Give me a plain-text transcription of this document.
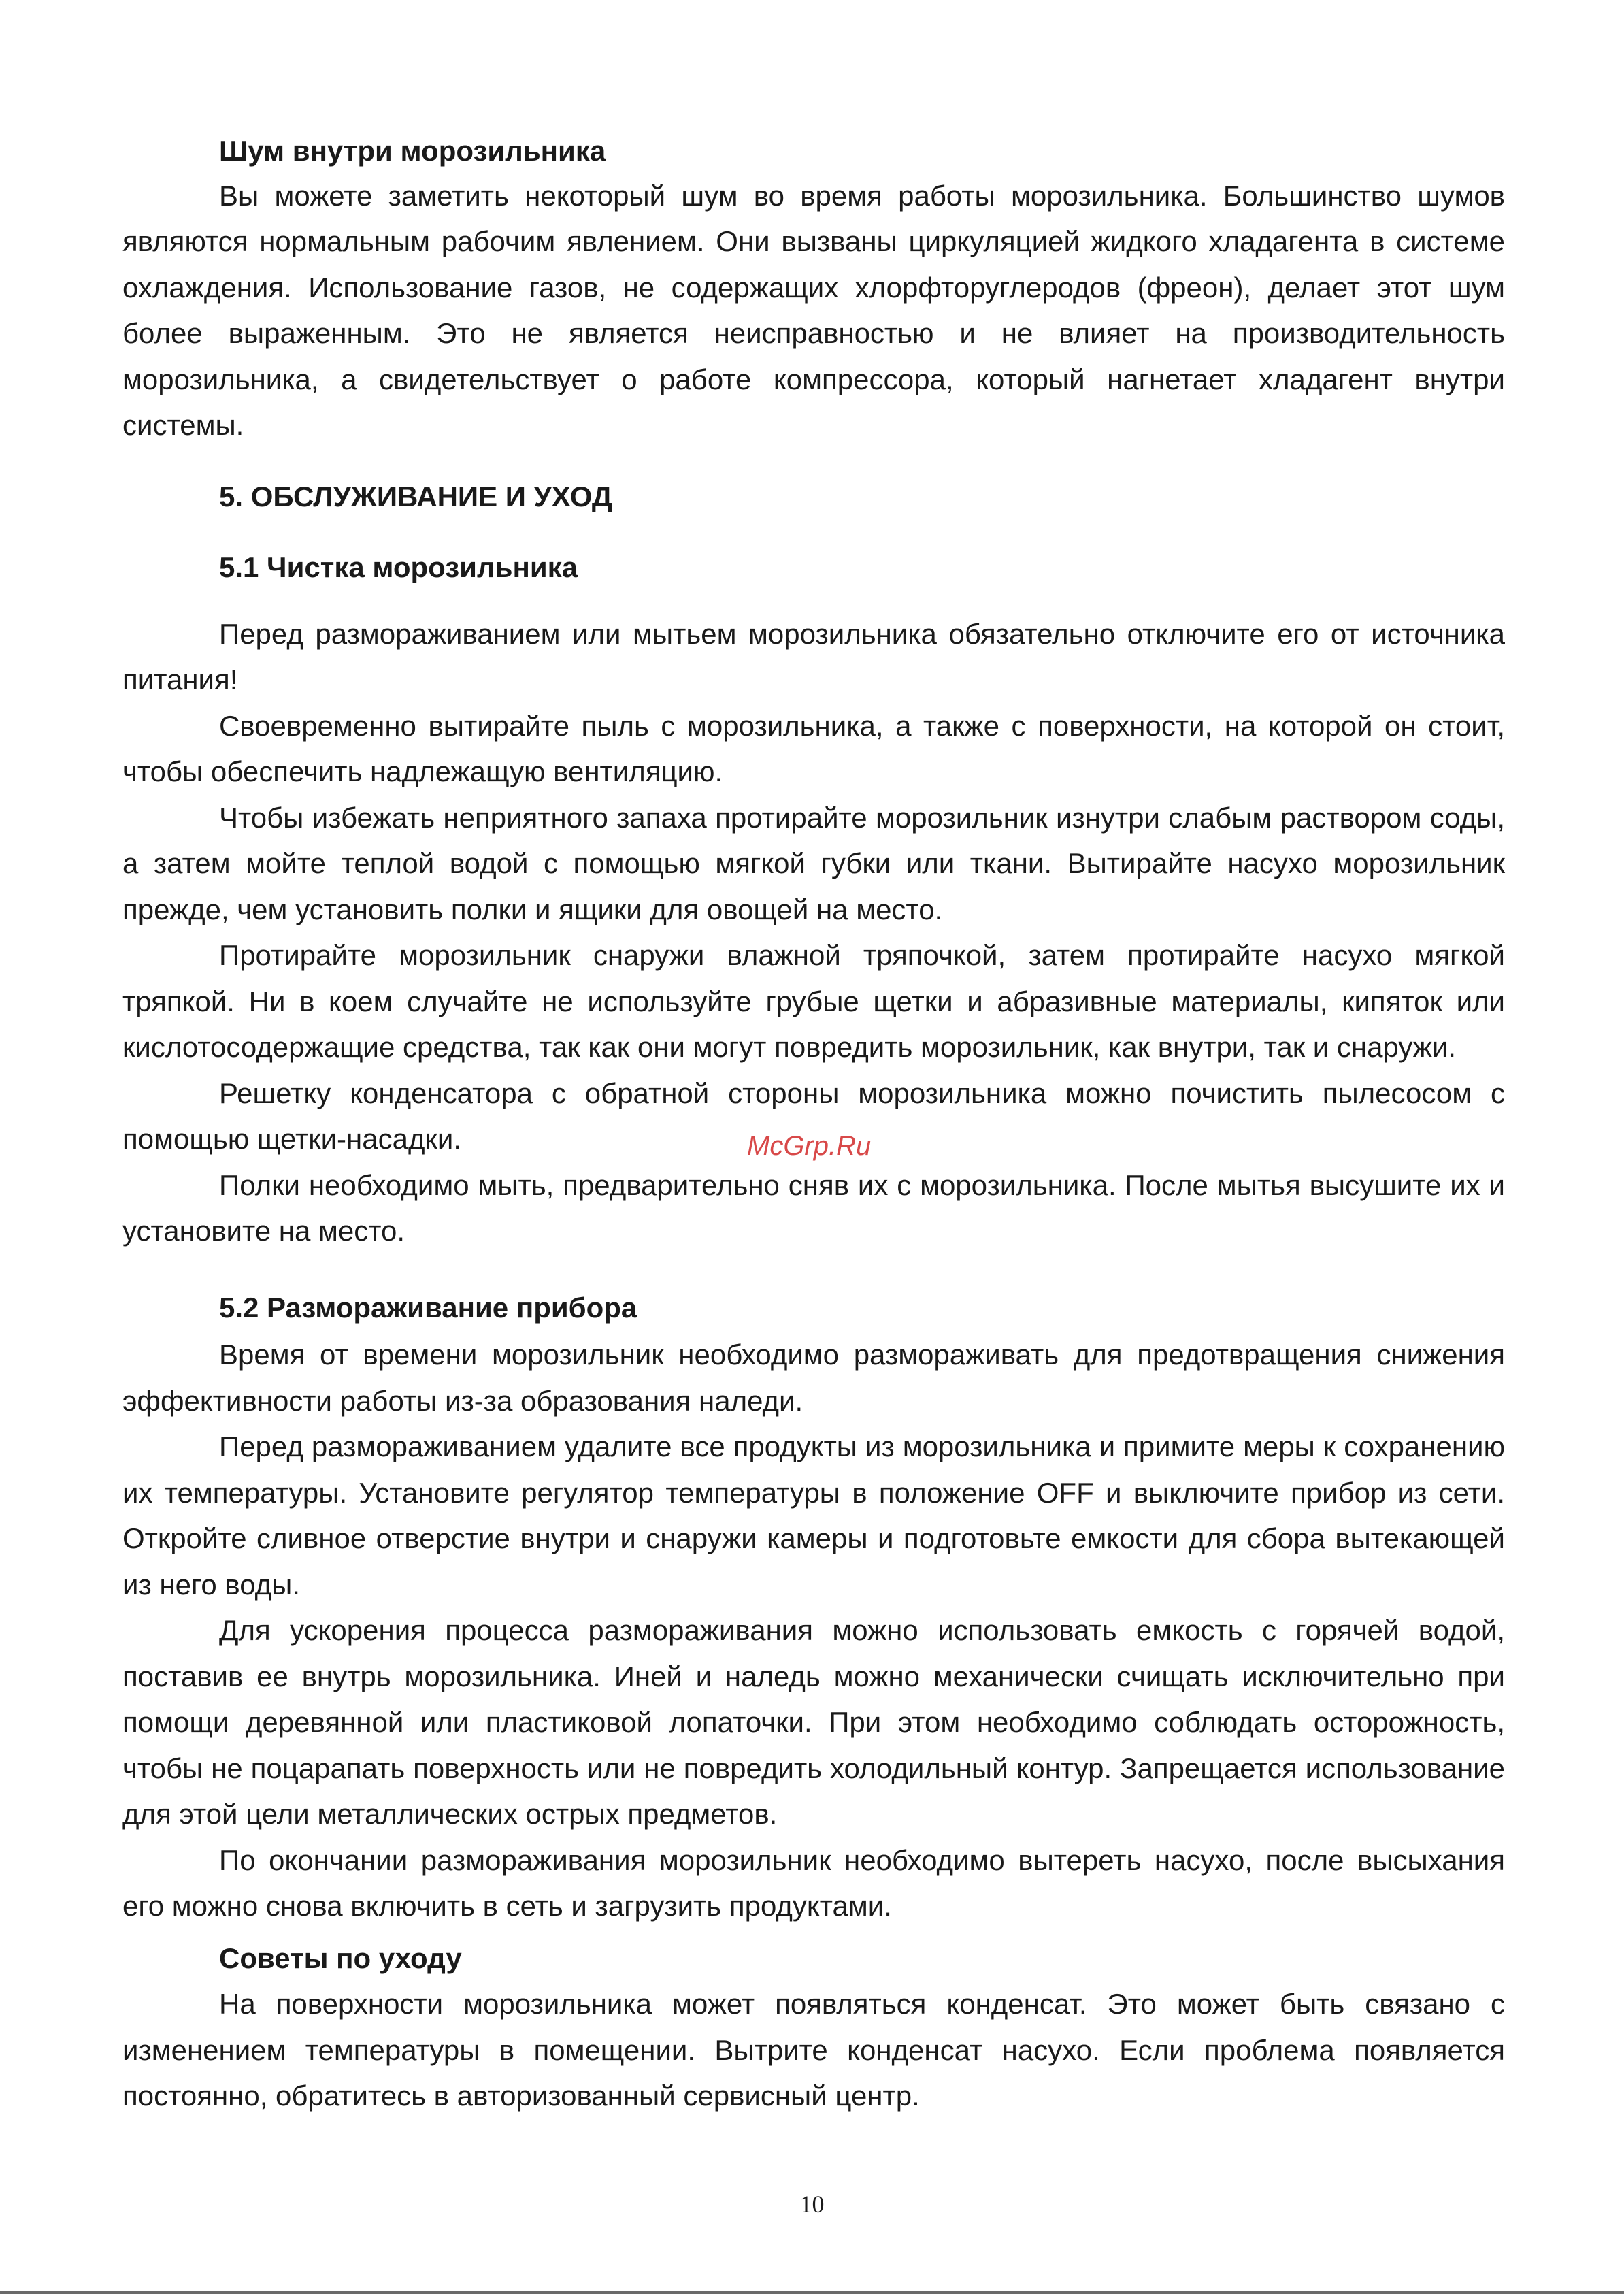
Шум внутри морозильника

Вы можете заметить некоторый шум во время работы морозильника. Большинство шумов являются нормальным рабочим явлением. Они вызваны циркуляцией жидкого хладагента в системе охлаждения. Использование газов, не содержащих хлорфторуглеродов (фреон), делает этот шум более выраженным. Это не является неисправностью и не влияет на производительность морозильника, а свидетельствует о работе компрессора, который нагнетает хладагент внутри системы.

5. ОБСЛУЖИВАНИЕ И УХОД
5.1 Чистка морозильника

Перед размораживанием или мытьем морозильника обязательно отключите его от источника питания!

Своевременно вытирайте пыль с морозильника, а также с поверхности, на которой он стоит, чтобы обеспечить надлежащую вентиляцию.

Чтобы избежать неприятного запаха протирайте морозильник изнутри слабым раствором соды, а затем мойте теплой водой с помощью мягкой губки или ткани. Вытирайте насухо морозильник прежде, чем установить полки и ящики для овощей на место.

Протирайте морозильник снаружи влажной тряпочкой, затем протирайте насухо мягкой тряпкой. Ни в коем случайте не используйте грубые щетки и абразивные материалы, кипяток или кислотосодержащие средства, так как они могут повредить морозильник, как внутри, так и снаружи.

Решетку конденсатора с обратной стороны морозильника можно почистить пылесосом с помощью щетки-насадки.

Полки необходимо мыть, предварительно сняв их с морозильника. После мытья высушите их и установите на место.

5.2 Размораживание прибора

Время от времени морозильник необходимо размораживать для предотвращения снижения эффективности работы из-за образования наледи.

Перед размораживанием удалите все продукты из морозильника и примите меры к сохранению их температуры. Установите регулятор температуры в положение OFF и выключите прибор из сети. Откройте сливное отверстие внутри и снаружи камеры и подготовьте емкости для сбора вытекающей из него воды.

Для ускорения процесса размораживания можно использовать емкость с горячей водой, поставив ее внутрь морозильника. Иней и наледь можно механически счищать исключительно при помощи деревянной или пластиковой лопаточки. При этом необходимо соблюдать осторожность, чтобы не поцарапать поверхность или не повредить холодильный контур. Запрещается использование для этой цели металлических острых предметов.

По окончании размораживания морозильник необходимо вытереть насухо, после высыхания его можно снова включить в сеть и загрузить продуктами.

Советы по уходу

На поверхности морозильника может появляться конденсат. Это может быть связано с изменением температуры в помещении. Вытрите конденсат насухо. Если проблема появляется постоянно, обратитесь в авторизованный сервисный центр.

McGrp.Ru
10
